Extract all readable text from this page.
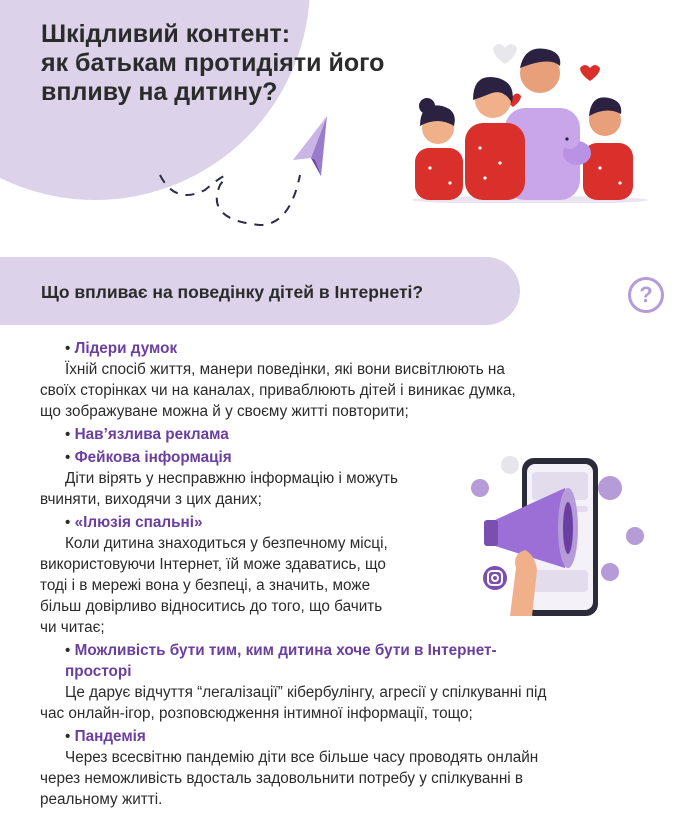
Шкідливий контент:
як батькам протидіяти його
впливу на дитину?
Що впливає на поведінку дітей в Інтернеті?	?
• Лідери думок
Їхній спосіб життя, манери поведінки, які вони висвітлюють на
своїх сторінках чи на каналах, приваблюють дітей і виникає думка,
що зображуване можна й у своєму житті повторити;
• Нав’язлива реклама
• Фейкова інформація
Діти вірять у несправжню інформацію і можуть
вчиняти, виходячи з цих даних;
• «Ілюзія спальні»
Коли дитина знаходиться у безпечному місці,
використовуючи Інтернет, їй може здаватись, що
тоді і в мережі вона у безпеці, а значить, може
більш довірливо відноситись до того, що бачить
чи читає;
• Можливість бути тим, ким дитина хоче бути в Інтернет-
просторі
Це дарує відчуття “легалізації” кібербулінгу, агресії у спілкуванні під
час онлайн-ігор, розповсюдження інтимної інформації, тощо;
• Пандемія
Через всесвітню пандемію діти все більше часу проводять онлайн
через неможливість вдосталь задовольнити потребу у спілкуванні в
реальному житті.
